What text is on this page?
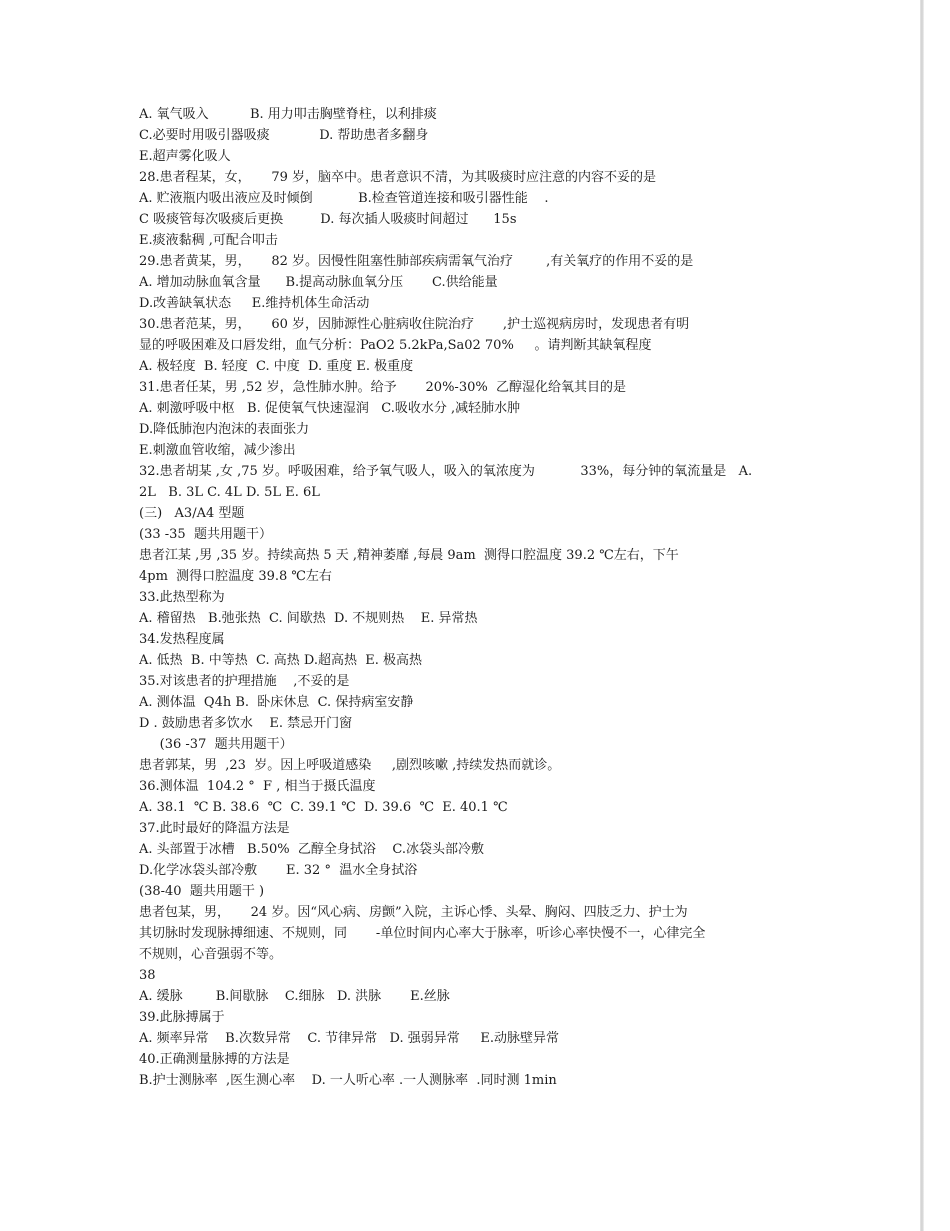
A. 氧气吸入          B. 用力叩击胸壁脊柱，以利排痰
C.必要时用吸引器吸痰            D. 帮助患者多翻身
E.超声雾化吸人
28.患者程某，女，     79 岁，脑卒中。患者意识不清，为其吸痰时应注意的内容不妥的是
A. 贮液瓶内吸出液应及时倾倒           B.检查管道连接和吸引器性能    .
C 吸痰管每次吸痰后更换         D. 每次插人吸痰时间超过      15s
E.痰液黏稠 ,可配合叩击
29.患者黄某，男，     82 岁。因慢性阻塞性肺部疾病需氧气治疗        ,有关氧疗的作用不妥的是
A. 增加动脉血氧含量      B.提高动脉血氧分压       C.供给能量
D.改善缺氧状态     E.维持机体生命活动
30.患者范某，男，     60 岁，因肺源性心脏病收住院治疗       ,护士巡视病房时，发现患者有明
显的呼吸困难及口唇发绀，血气分析：PaO2 5.2kPa,Sa02 70%     。请判断其缺氧程度
A. 极轻度  B. 轻度  C. 中度  D. 重度 E. 极重度
31.患者任某，男 ,52 岁，急性肺水肿。给予       20%-30%  乙醇湿化给氧其目的是
A. 刺激呼吸中枢   B. 促使氧气快速湿润   C.吸收水分 ,减轻肺水肿
D.降低肺泡内泡沫的表面张力
E.刺激血管收缩，减少渗出
32.患者胡某 ,女 ,75 岁。呼吸困难，给予氧气吸人，吸入的氧浓度为           33%，每分钟的氧流量是   A.
2L   B. 3L C. 4L D. 5L E. 6L
(三)   A3/A4 型题
(33 -35  题共用题干）
患者江某 ,男 ,35 岁。持续高热 5 天 ,精神萎靡 ,每晨 9am  测得口腔温度 39.2 ℃左右，下午
4pm  测得口腔温度 39.8 ℃左右
33.此热型称为
A. 稽留热   B.弛张热  C. 间歇热  D. 不规则热    E. 异常热
34.发热程度属
A. 低热  B. 中等热  C. 高热 D.超高热  E. 极高热
35.对该患者的护理措施    ,不妥的是
A. 测体温  Q4h B.  卧床休息  C. 保持病室安静
D . 鼓励患者多饮水    E. 禁忌开门窗
(36 -37  题共用题干）
患者郭某，男  ,23  岁。因上呼吸道感染     ,剧烈咳嗽 ,持续发热而就诊。
36.测体温  104.2 °  F , 相当于摄氏温度
A. 38.1  ℃ B. 38.6  ℃  C. 39.1 ℃  D. 39.6  ℃  E. 40.1 ℃
37.此时最好的降温方法是
A. 头部置于冰槽   B.50%  乙醇全身拭浴    C.冰袋头部冷敷
D.化学冰袋头部冷敷       E. 32 °  温水全身拭浴
(38-40  题共用题干 )
患者包某，男，     24 岁。因“风心病、房颤”入院，主诉心悸、头晕、胸闷、四肢乏力、护士为
其切脉时发现脉搏细速、不规则，同       -单位时间内心率大于脉率，听诊心率快慢不一，心律完全
不规则，心音强弱不等。
38
A. 缓脉        B.间歇脉    C.细脉   D. 洪脉       E.丝脉
39.此脉搏属于
A. 频率异常    B.次数异常    C. 节律异常   D. 强弱异常     E.动脉壁异常
40.正确测量脉搏的方法是
B.护士测脉率  ,医生测心率    D. 一人听心率 .一人测脉率  .同时测 1min
